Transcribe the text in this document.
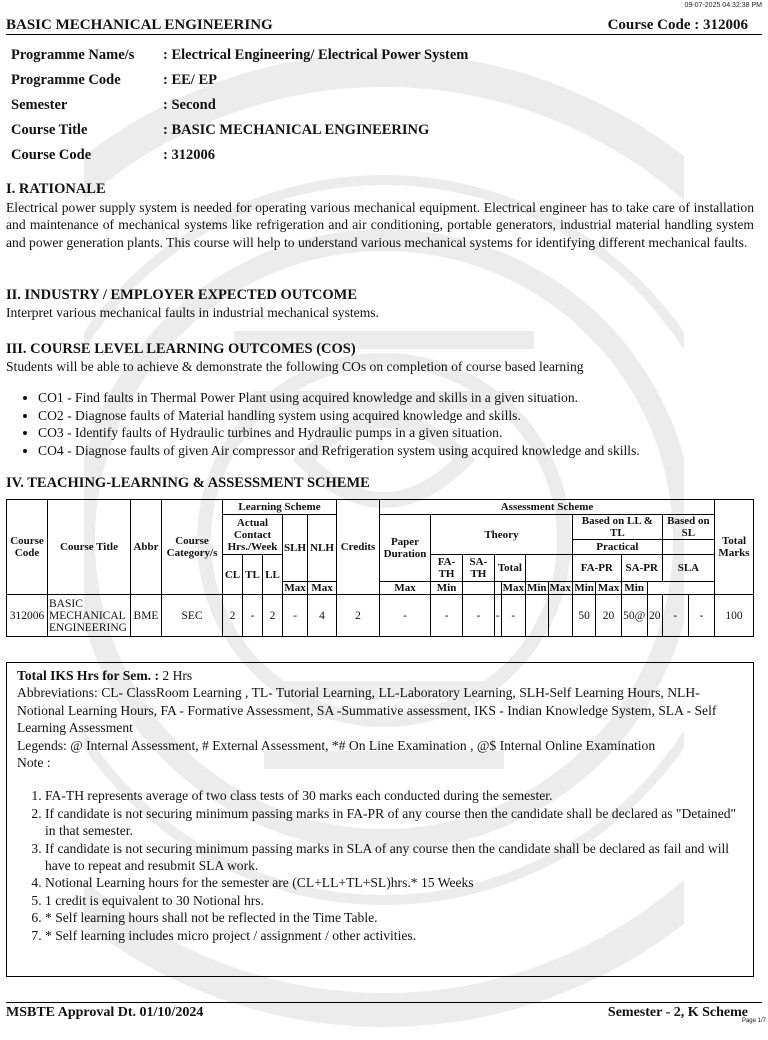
09-07-2025 04:32:38 PM
BASIC MECHANICAL ENGINEERING	Course Code : 312006
Programme Name/s	: Electrical Engineering/ Electrical Power System
Programme Code	: EE/ EP
Semester	: Second
Course Title	: BASIC MECHANICAL ENGINEERING
Course Code	: 312006
I. RATIONALE
Electrical power supply system is needed for operating various mechanical equipment. Electrical engineer has to take care of installation and maintenance of mechanical systems like refrigeration and air conditioning, portable generators, industrial material handling system and power generation plants. This course will help to understand various mechanical systems for identifying different mechanical faults.
II. INDUSTRY / EMPLOYER EXPECTED OUTCOME
Interpret various mechanical faults in industrial mechanical systems.
III. COURSE LEVEL LEARNING OUTCOMES (COS)
Students will be able to achieve & demonstrate the following COs on completion of course based learning
• CO1 - Find faults in Thermal Power Plant using acquired knowledge and skills in a given situation.
• CO2 - Diagnose faults of Material handling system using acquired knowledge and skills.
• CO3 - Identify faults of Hydraulic turbines and Hydraulic pumps in a given situation.
• CO4 - Diagnose faults of given Air compressor and Refrigeration system using acquired knowledge and skills.
IV. TEACHING-LEARNING & ASSESSMENT SCHEME
Course Code	Course Title	Abbr	Course Category/s	Learning Scheme					Credits	Assessment Scheme													Total Marks
				Actual Contact Hrs./Week			SLH	NLH		Paper Duration	Theory						Based on LL & TL				Based on SL		
																	Practical						
				CL	TL	LL					FA-TH	SA-TH	Total				FA-PR		SA-PR		SLA		
							Max	Max		Max	Min			Max	Min	Max	Min	Max	Min				
312006	BASIC MECHANICAL ENGINEERING	BME	SEC	2	-	2	-	4	2	-	-	-	-	-			50	20	50@	20	-	-	100
Total IKS Hrs for Sem. : 2 Hrs
Abbreviations: CL- ClassRoom Learning , TL- Tutorial Learning, LL-Laboratory Learning, SLH-Self Learning Hours, NLH-Notional Learning Hours, FA - Formative Assessment, SA -Summative assessment, IKS - Indian Knowledge System, SLA - Self Learning Assessment
Legends: @ Internal Assessment, # External Assessment, *# On Line Examination , @$ Internal Online Examination
Note :
1. FA-TH represents average of two class tests of 30 marks each conducted during the semester.
2. If candidate is not securing minimum passing marks in FA-PR of any course then the candidate shall be declared as "Detained" in that semester.
3. If candidate is not securing minimum passing marks in SLA of any course then the candidate shall be declared as fail and will have to repeat and resubmit SLA work.
4. Notional Learning hours for the semester are (CL+LL+TL+SL)hrs.* 15 Weeks
5. 1 credit is equivalent to 30 Notional hrs.
6. * Self learning hours shall not be reflected in the Time Table.
7. * Self learning includes micro project / assignment / other activities.
MSBTE Approval Dt. 01/10/2024	Semester - 2, K Scheme
Page 1/7
